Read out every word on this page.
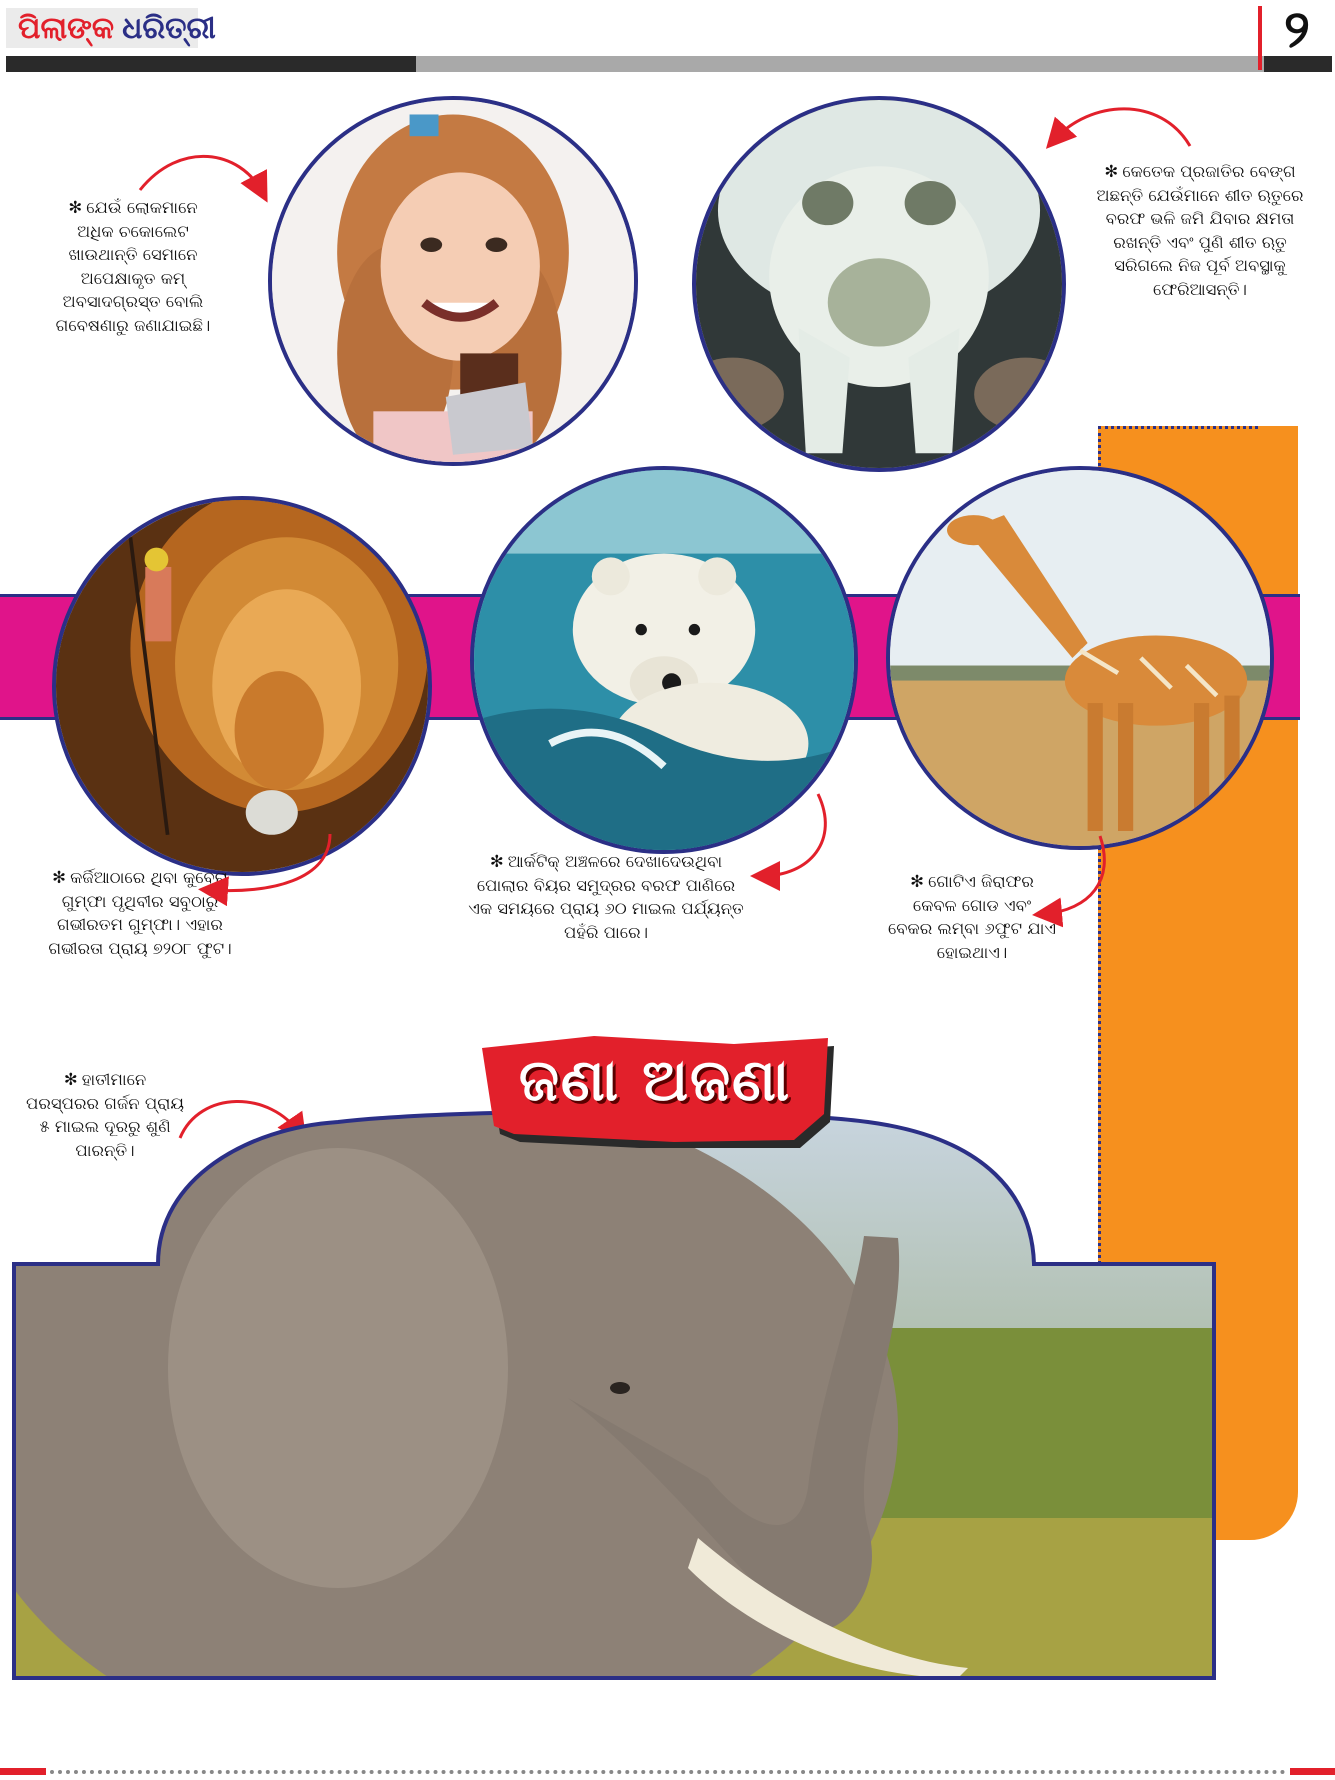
ପିଲାଙ୍କ ଧରିତ୍ରୀ	୨
✻ ଯେଉଁ ଲୋକମାନେ
ଅଧିକ ଚକୋଲେଟ
ଖାଉଥାନ୍ତି ସେମାନେ
ଅପେକ୍ଷାକୃତ କମ୍
ଅବସାଦଗ୍ରସ୍ତ ବୋଲି
ଗବେଷଣାରୁ ଜଣାଯାଇଛି।
✻ କେତେକ ପ୍ରଜାତିର ବେଙ୍ଗ
ଅଛନ୍ତି ଯେଉଁମାନେ ଶୀତ ଋତୁରେ
ବରଫ ଭଳି ଜମି ଯିବାର କ୍ଷମତା
ରଖନ୍ତି ଏବଂ ପୁଣି ଶୀତ ଋତୁ
ସରିଗଲେ ନିଜ ପୂର୍ବ ଅବସ୍ଥାକୁ
ଫେରିଆସନ୍ତି।
✻ କର୍ଜିଆଠାରେ ଥିବା କୁବେରା
ଗୁମ୍ଫା ପୃଥିବୀର ସବୁଠାରୁ
ଗଭୀରତମ ଗୁମ୍ଫା। ଏହାର
ଗଭୀରତା ପ୍ରାୟ ୭୨୦୮ ଫୁଟ।
✻ ଆର୍କଟିକ୍ ଅଞ୍ଚଳରେ ଦେଖାଦେଉଥିବା
ପୋଲାର ବିୟର ସମୁଦ୍ରର ବରଫ ପାଣିରେ
ଏକ ସମୟରେ ପ୍ରାୟ ୬୦ ମାଇଲ ପର୍ଯ୍ୟନ୍ତ
ପହଁରି ପାରେ।
✻ ଗୋଟିଏ ଜିରାଫର
କେବଳ ଗୋଡ ଏବଂ
ବେକର ଲମ୍ବା ୬ଫୁଟ ଯାଏଁ
ହୋଇଥାଏ।
✻ ହାତୀମାନେ
ପରସ୍ପରର ଗର୍ଜନ ପ୍ରାୟ
୫ ମାଇଲ ଦୂରରୁ ଶୁଣି
ପାରନ୍ତି।
ଜଣା ଅଜଣା
